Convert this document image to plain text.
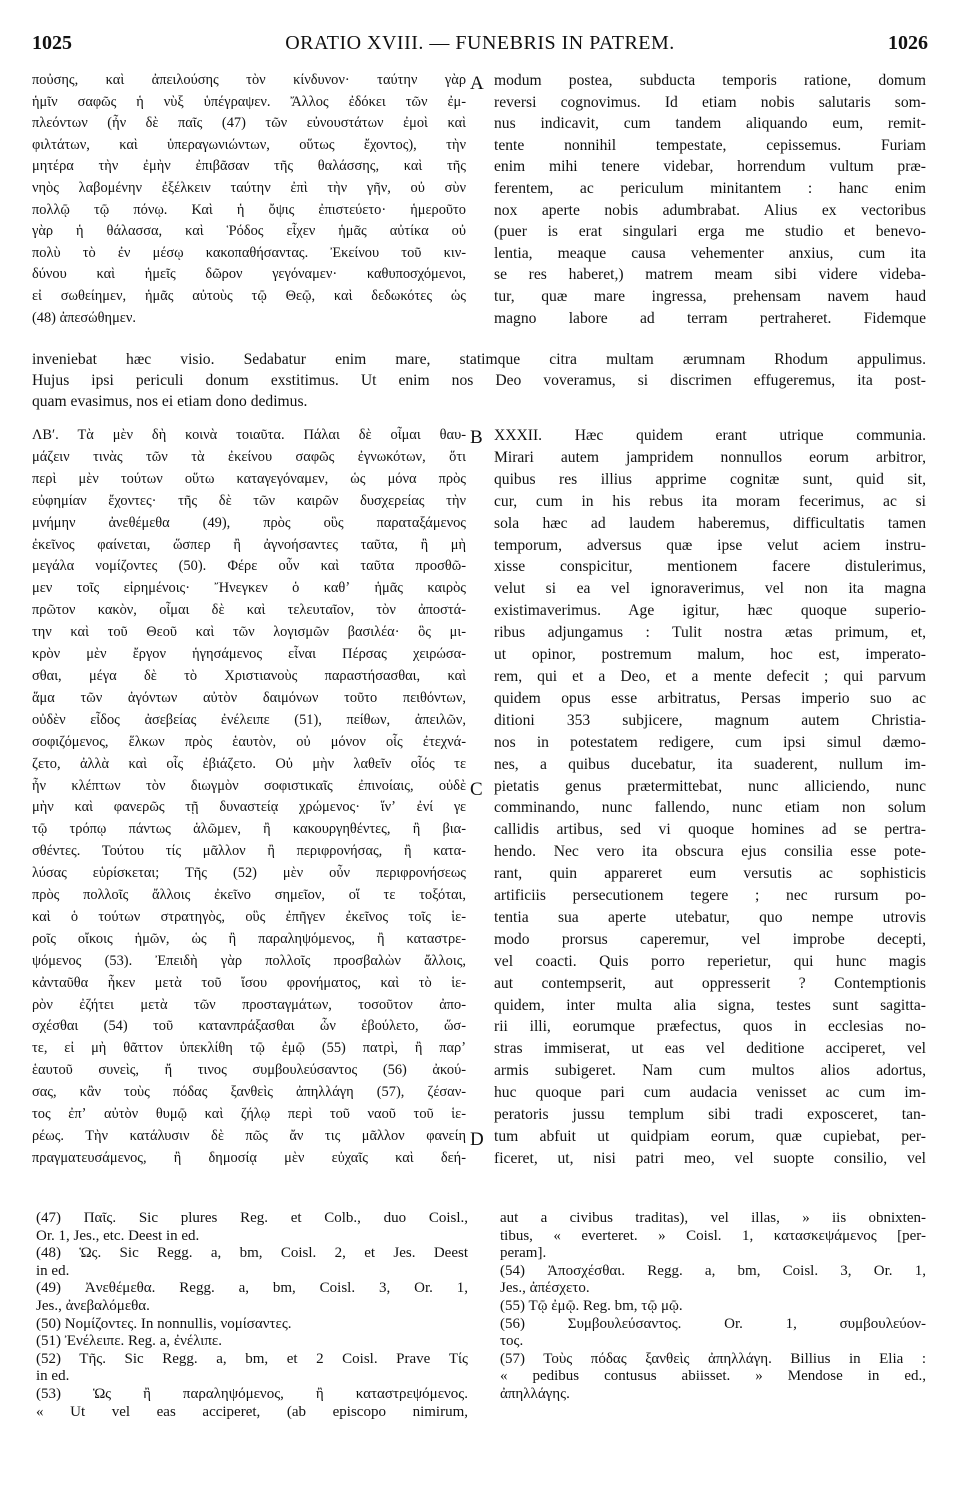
1025	ORATIO XVIII. — FUNEBRIS IN PATREM.	1026
ποὐσης, καὶ ἀπειλούσης τὸν κίνδυνον· ταύτην γὰρ
ἡμῖν σαφῶς ἡ νὺξ ὑπέγραψεν. Ἄλλος ἐδόκει τῶν ἐμ-
πλεόντων (ἦν δὲ παῖς (47) τῶν εὐνουστάτων ἐμοὶ καὶ
φιλτάτων, καὶ ὑπεραγωνιώντων, οὕτως ἔχοντος), τὴν
μητέρα τὴν ἐμὴν ἐπιβᾶσαν τῆς θαλάσσης, καὶ τῆς
νηὸς λαβομένην ἐξέλκειν ταύτην ἐπὶ τὴν γῆν, οὐ σὺν
πολλῷ τῷ πόνῳ. Καὶ ἡ ὄψις ἐπιστεύετο· ἡμεροῦτο
γὰρ ἡ θάλασσα, καὶ Ῥόδος εἶχεν ἡμᾶς αὐτίκα οὐ
πολὺ τὸ ἐν μέσῳ κακοπαθήσαντας. Ἐκείνου τοῦ κιν-
δύνου καὶ ἡμεῖς δῶρον γεγόναμεν· καθυποσχόμενοι,
εἰ σωθείημεν, ἡμᾶς αὐτοὺς τῷ Θεῷ, καὶ δεδωκότες ὡς
(48) ἀπεσώθημεν.
modum postea, subducta temporis ratione, domum
reversi cognovimus. Id etiam nobis salutaris som-
nus indicavit, cum tandem aliquando eum, remit-
tente nonnihil tempestate, cepissemus. Furiam
enim mihi tenere videbar, horrendum vultum præ-
ferentem, ac periculum minitantem : hanc enim
nox aperte nobis adumbrabat. Alius ex vectoribus
(puer is erat singulari erga me studio et benevo-
lentia, meaque causa vehementer anxius, cum ita
se res haberet,) matrem meam sibi videre videba-
tur, quæ mare ingressa, prehensam navem haud
magno labore ad terram pertraheret. Fidemque
inveniebat hæc visio. Sedabatur enim mare, statimque citra multam ærumnam Rhodum appulimus.
Hujus ipsi periculi donum exstitimus. Ut enim nos Deo voveramus, si discrimen effugeremus, ita post-
quam evasimus, nos ei etiam dono dedimus.
ΛΒʹ. Τὰ μὲν δὴ κοινὰ τοιαῦτα. Πάλαι δὲ οἶμαι θαυ-
μάζειν τινὰς τῶν τὰ ἐκείνου σαφῶς ἐγνωκότων, ὅτι
περὶ μὲν τούτων οὕτω καταγεγόναμεν, ὡς μόνα πρὸς
εὐφημίαν ἔχοντες· τῆς δὲ τῶν καιρῶν δυσχερείας τὴν
μνήμην ἀνεθέμεθα (49), πρὸς οὓς παραταξάμενος
ἐκεῖνος φαίνεται, ὥσπερ ἢ ἀγνοήσαντες ταῦτα, ἢ μὴ
μεγάλα νομίζοντες (50). Φέρε οὖν καὶ ταῦτα προσθῶ-
μεν τοῖς εἰρημένοις· Ἤνεγκεν ὁ καθʼ ἡμᾶς καιρὸς
πρῶτον κακὸν, οἶμαι δὲ καὶ τελευταῖον, τὸν ἀποστά-
την καὶ τοῦ Θεοῦ καὶ τῶν λογισμῶν βασιλέα· ὃς μι-
κρὸν μὲν ἔργον ἡγησάμενος εἶναι Πέρσας χειρώσα-
σθαι, μέγα δὲ τὸ Χριστιανοὺς παραστήσασθαι, καὶ
ἅμα τῶν ἀγόντων αὐτὸν δαιμόνων τοῦτο πειθόντων,
οὐδὲν εἶδος ἀσεβείας ἐνέλειπε (51), πείθων, ἀπειλῶν,
σοφιζόμενος, ἕλκων πρὸς ἑαυτὸν, οὐ μόνον οἷς ἐτεχνά-
ζετο, ἀλλὰ καὶ οἷς ἐβιάζετο. Οὐ μὴν λαθεῖν οἷός τε
ἦν κλέπτων τὸν διωγμὸν σοφιστικαῖς ἐπινοίαις, οὐδὲ
μὴν καὶ φανερῶς τῇ δυναστείᾳ χρώμενος· ἵνʼ ἐνί γε
τῷ τρόπῳ πάντως ἁλῶμεν, ἢ κακουργηθέντες, ἢ βια-
σθέντες. Τούτου τίς μᾶλλον ἢ περιφρονήσας, ἢ κατα-
λύσας εὑρίσκεται; Τῆς (52) μὲν οὖν περιφρονήσεως
πρὸς πολλοῖς ἄλλοις ἐκεῖνο σημεῖον, οἵ τε τοξόται,
καὶ ὁ τούτων στρατηγὸς, οὓς ἐπῆγεν ἐκεῖνος τοῖς ἱε-
ροῖς οἴκοις ἡμῶν, ὡς ἢ παραληψόμενος, ἢ καταστρε-
ψόμενος (53). Ἐπειδὴ γὰρ πολλοῖς προσβαλὼν ἄλλοις,
κἀνταῦθα ἧκεν μετὰ τοῦ ἴσου φρονήματος, καὶ τὸ ἱε-
ρὸν ἐζήτει μετὰ τῶν προσταγμάτων, τοσοῦτον ἀπο-
σχέσθαι (54) τοῦ κατανπράξασθαι ὧν ἐβούλετο, ὥσ-
τε, εἰ μὴ θᾶττον ὑπεκλίθη τῷ ἐμῷ (55) πατρὶ, ἢ παρʼ
ἑαυτοῦ συνεὶς, ἤ τινος συμβουλεύσαντος (56) ἀκού-
σας, κἂν τοὺς πόδας ξανθεὶς ἀπηλλάγη (57), ζέσαν-
τος ἐπʼ αὐτὸν θυμῷ καὶ ζήλῳ περὶ τοῦ ναοῦ τοῦ ἱε-
ρέως. Τὴν κατάλυσιν δὲ πῶς ἄν τις μᾶλλον φανείη
πραγματευσάμενος, ἢ δημοσίᾳ μὲν εὐχαῖς καὶ δεή-
XXXII. Hæc quidem erant utrique communia.
Mirari autem jampridem nonnullos eorum arbitror,
quibus res illius apprime cognitæ sunt, quid sit,
cur, cum in his rebus ita moram fecerimus, ac si
sola hæc ad laudem haberemus, difficultatis tamen
temporum, adversus quæ ipse velut aciem instru-
xisse conspicitur, mentionem facere distulerimus,
velut si ea vel ignoraverimus, vel non ita magna
existimaverimus. Age igitur, hæc quoque superio-
ribus adjungamus : Tulit nostra ætas primum, et,
ut opinor, postremum malum, hoc est, imperato-
rem, qui et a Deo, et a mente defecit ; qui parvum
quidem opus esse arbitratus, Persas imperio suo ac
ditioni 353 subjicere, magnum autem Christia-
nos in potestatem redigere, cum ipsi simul dæmo-
nes, a quibus ducebatur, ita suaderent, nullum im-
pietatis genus prætermittebat, nunc alliciendo, nunc
comminando, nunc fallendo, nunc etiam non solum
callidis artibus, sed vi quoque homines ad se pertra-
hendo. Nec vero ita obscura ejus consilia esse pote-
rant, quin appareret eum versutis ac sophisticis
artificiis persecutionem tegere ; nec rursum po-
tentia sua aperte utebatur, quo nempe utrovis
modo prorsus caperemur, vel improbe decepti,
vel coacti. Quis porro reperietur, qui hunc magis
aut contempserit, aut oppresserit ? Contemptionis
quidem, inter multa alia signa, testes sunt sagitta-
rii illi, eorumque præfectus, quos in ecclesias no-
stras immiserat, ut eas vel deditione acciperet, vel
armis subigeret. Nam cum multos alios adortus,
huc quoque pari cum audacia venisset ac cum im-
peratoris jussu templum sibi tradi exposceret, tan-
tum abfuit ut quidpiam eorum, quæ cupiebat, per-
ficeret, ut, nisi patri meo, vel suopte consilio, vel
A
B
C
D
(47) Παῖς. Sic plures Reg. et Colb., duo Coisl.,
Or. 1, Jes., etc. Deest in ed.
(48) Ὡς. Sic Regg. a, bm, Coisl. 2, et Jes. Deest
in ed.
(49) Ἀνεθέμεθα. Regg. a, bm, Coisl. 3, Or. 1,
Jes., ἀνεβαλόμεθα.
(50) Νομίζοντες. In nonnullis, νομίσαντες.
(51) Ἐνέλειπε. Reg. a, ἐνέλιπε.
(52) Τῆς. Sic Regg. a, bm, et 2 Coisl. Prave Τίς
in ed.
(53) Ὡς ἢ παραληψόμενος, ἢ καταστρεψόμενος.
« Ut vel eas acciperet, (ab episcopo nimirum,
aut a civibus traditas), vel illas, » iis obnixten-
tibus, « everteret. » Coisl. 1, κατασκεψάμενος [per-
peram].
(54) Ἀποσχέσθαι. Regg. a, bm, Coisl. 3, Or. 1,
Jes., ἀπέσχετο.
(55) Τῷ ἐμῷ. Reg. bm, τῷ μῷ.
(56) Συμβουλεύσαντος. Or. 1, συμβουλεύον-
τος.
(57) Τοὺς πόδας ξανθεὶς ἀπηλλάγη. Billius in Elia :
« pedibus contusus abiisset. » Mendose in ed.,
ἀπηλλάγης.
